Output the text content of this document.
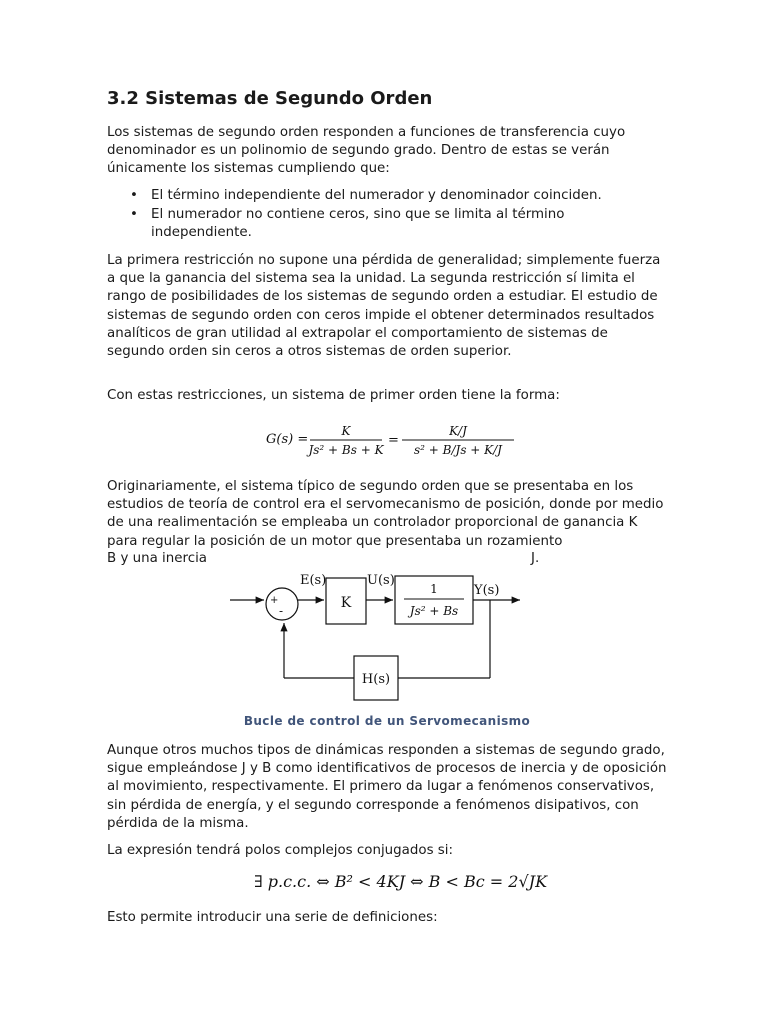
3.2 Sistemas de Segundo Orden

Los sistemas de segundo orden responden a funciones de transferencia cuyo denominador es un polinomio de segundo grado. Dentro de estas se verán únicamente los sistemas cumpliendo que:

• El término independiente del numerador y denominador coinciden.
• El numerador no contiene ceros, sino que se limita al término independiente.

La primera restricción no supone una pérdida de generalidad; simplemente fuerza a que la ganancia del sistema sea la unidad. La segunda restricción sí limita el rango de posibilidades de los sistemas de segundo orden a estudiar. El estudio de sistemas de segundo orden con ceros impide el obtener determinados resultados analíticos de gran utilidad al extrapolar el comportamiento de sistemas de segundo orden sin ceros a otros sistemas de orden superior.

Con estas restricciones, un sistema de primer orden tiene la forma:

G(s) =
K
Js² + Bs + K
=
K/J
s² + B/Js + K/J

Originariamente, el sistema típico de segundo orden que se presentaba en los estudios de teoría de control era el servomecanismo de posición, donde por medio de una realimentación se empleaba un controlador proporcional de ganancia K para regular la posición de un motor que presentaba un rozamiento

B y una inercia	J.
+
-
E(s)
K
U(s)
1
Js² + Bs
Y(s)
H(s)
Bucle de control de un Servomecanismo

Aunque otros muchos tipos de dinámicas responden a sistemas de segundo grado, sigue empleándose J y B como identificativos de procesos de inercia y de oposición al movimiento, respectivamente. El primero da lugar a fenómenos conservativos, sin pérdida de energía, y el segundo corresponde a fenómenos disipativos, con pérdida de la misma.

La expresión tendrá polos complejos conjugados si:

∃ p.c.c. ⇔ B² < 4KJ ⇔ B < Bc = 2√JK

Esto permite introducir una serie de definiciones:
